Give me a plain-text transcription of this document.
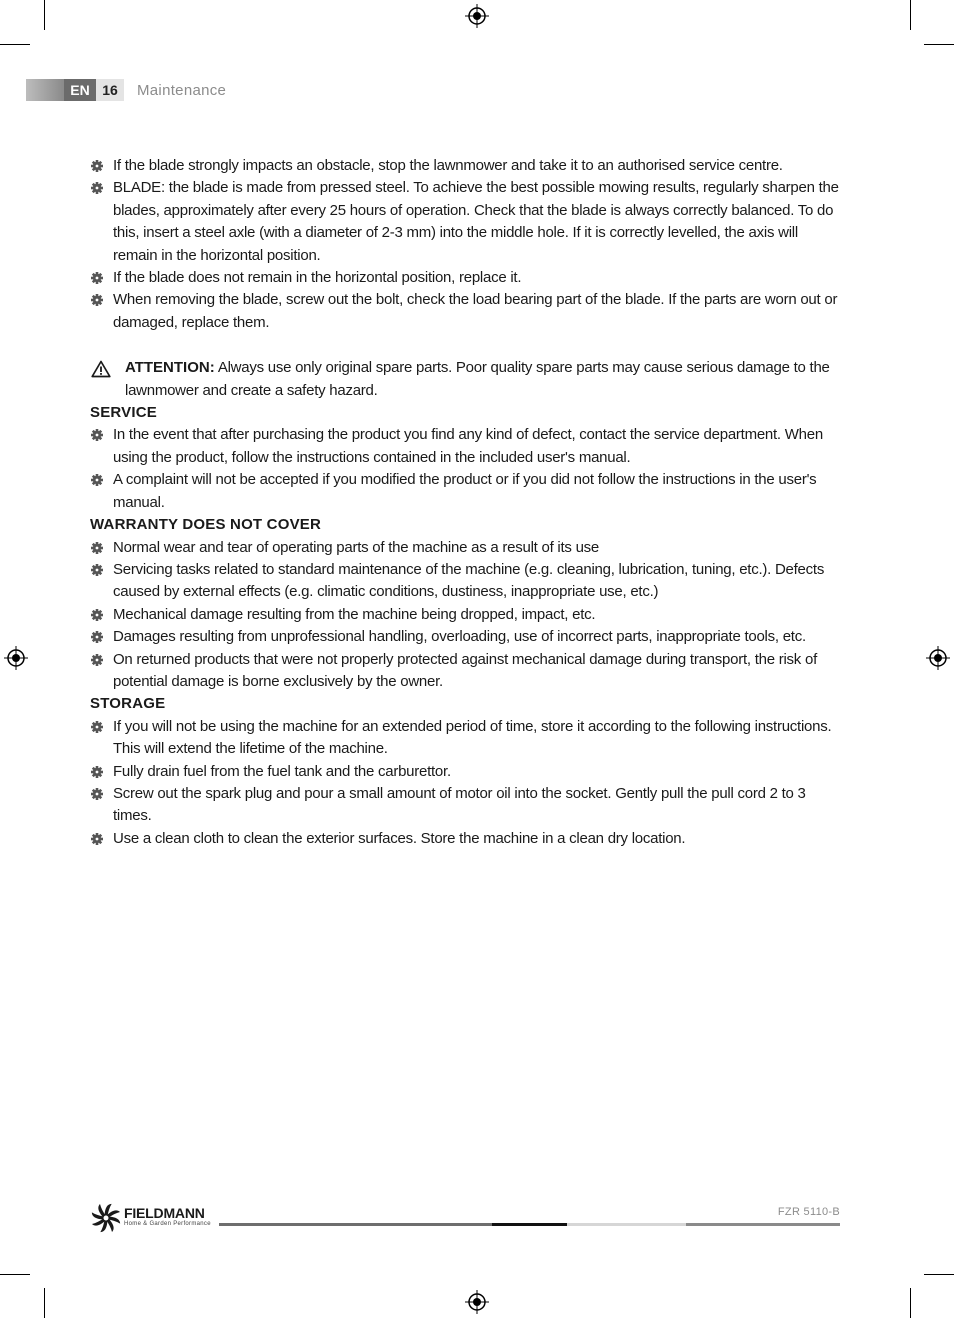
EN 16	Maintenance
If the blade strongly impacts an obstacle, stop the lawnmower and take it to an authorised service centre.
BLADE: the blade is made from pressed steel. To achieve the best possible mowing results, regularly sharpen the blades, approximately after every 25 hours of operation. Check that the blade is always correctly balanced. To do this, insert a steel axle (with a diameter of 2-3 mm) into the middle hole. If it is correctly levelled, the axis will remain in the horizontal position.
If the blade does not remain in the horizontal position, replace it.
When removing the blade, screw out the bolt, check the load bearing part of the blade. If the parts are worn out or damaged, replace them.
ATTENTION: Always use only original spare parts. Poor quality spare parts may cause serious damage to the lawnmower and create a safety hazard.
SERVICE
In the event that after purchasing the product you find any kind of defect, contact the service department. When using the product, follow the instructions contained in the included user's manual.
A complaint will not be accepted if you modified the product or if you did not follow the instructions in the user's manual.
WARRANTY DOES NOT COVER
Normal wear and tear of operating parts of the machine as a result of its use
Servicing tasks related to standard maintenance of the machine (e.g. cleaning, lubrication, tuning, etc.). Defects caused by external effects (e.g. climatic conditions, dustiness, inappropriate use, etc.)
Mechanical damage resulting from the machine being dropped, impact, etc.
Damages resulting from unprofessional handling, overloading, use of incorrect parts, inappropriate tools, etc.
On returned products that were not properly protected against mechanical damage during transport, the risk of potential damage is borne exclusively by the owner.
STORAGE
If you will not be using the machine for an extended period of time, store it according to the following instructions. This will extend the lifetime of the machine.
Fully drain fuel from the fuel tank and the carburettor.
Screw out the spark plug and pour a small amount of motor oil into the socket. Gently pull the pull cord 2 to 3 times.
Use a clean cloth to clean the exterior surfaces. Store the machine in a clean dry location.
FIELDMANN
Home & Garden Performance
FZR 5110-B
